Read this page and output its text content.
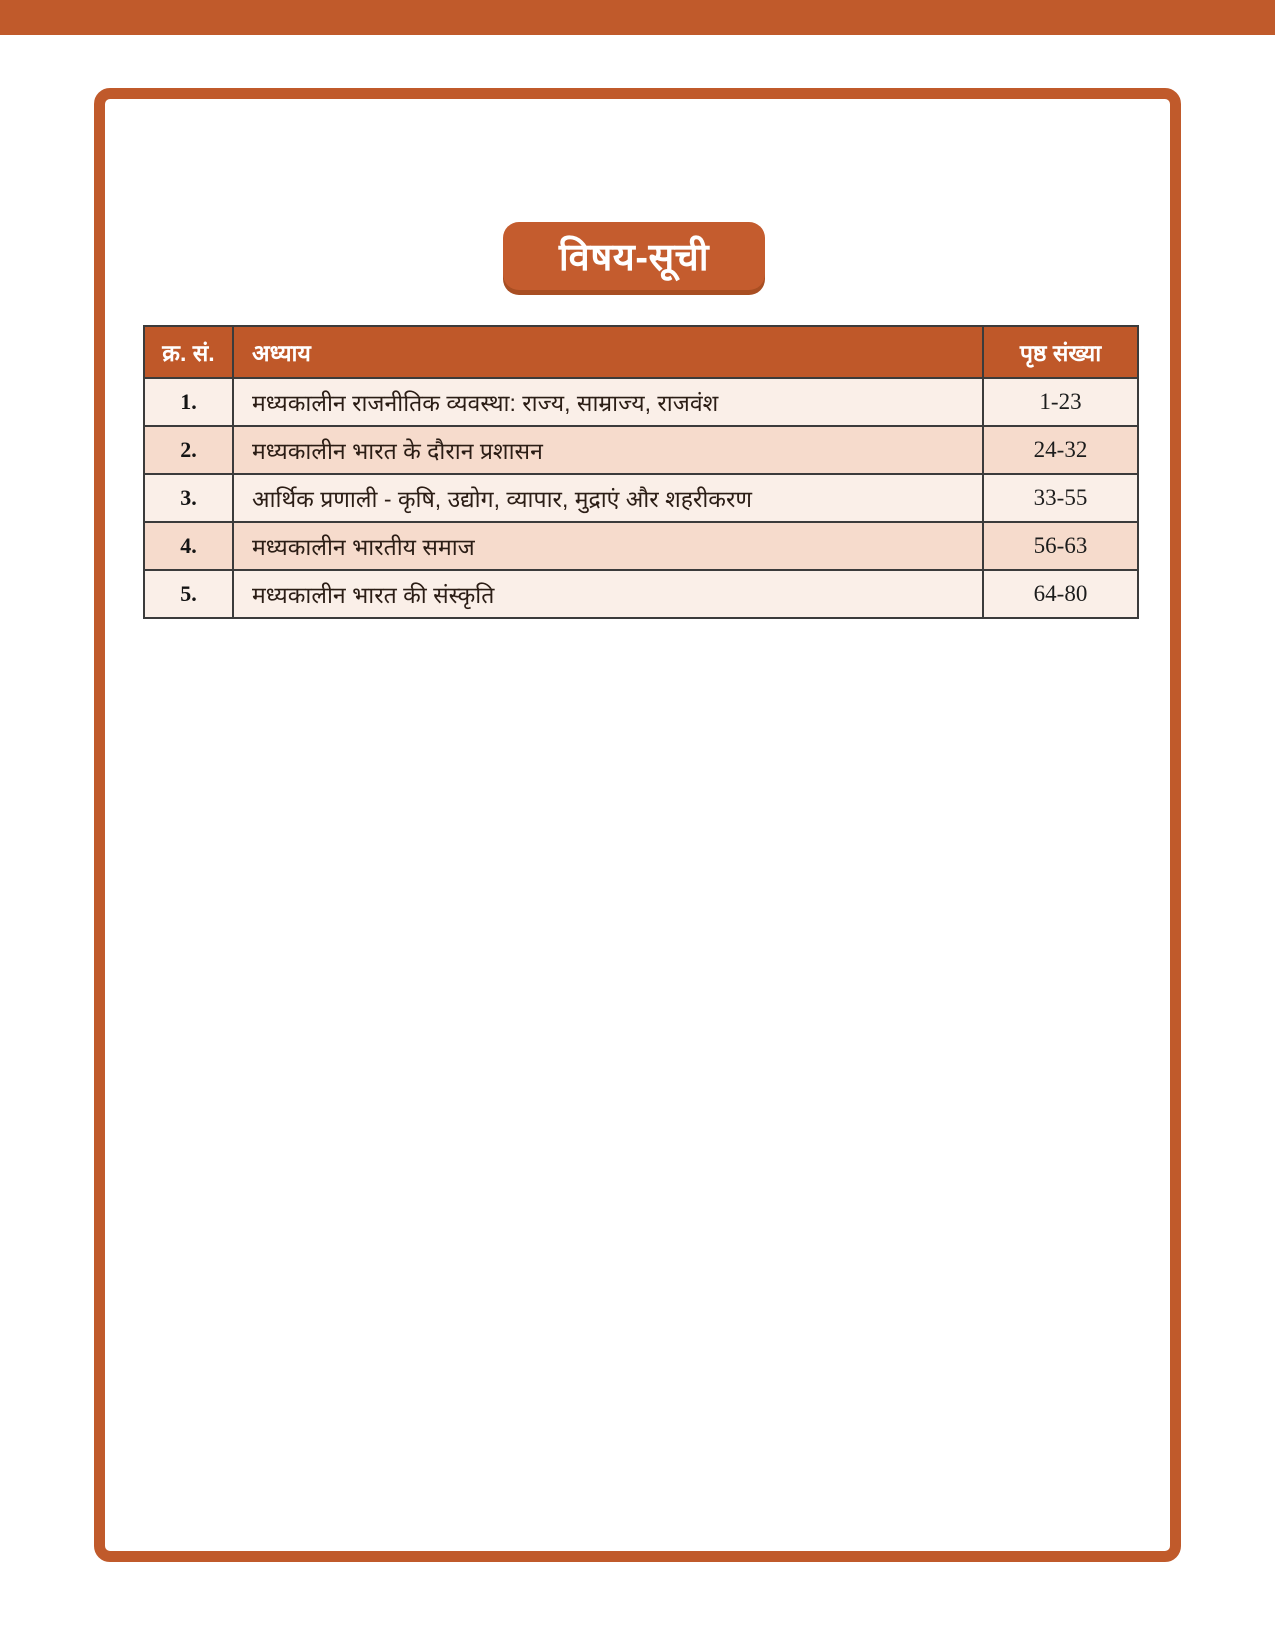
विषय-सूची
क्र. सं.	अध्याय	पृष्ठ संख्या
1.	मध्यकालीन राजनीतिक व्यवस्था: राज्य, साम्राज्य, राजवंश	1-23
2.	मध्यकालीन भारत के दौरान प्रशासन	24-32
3.	आर्थिक प्रणाली - कृषि, उद्योग, व्यापार, मुद्राएं और शहरीकरण	33-55
4.	मध्यकालीन भारतीय समाज	56-63
5.	मध्यकालीन भारत की संस्कृति	64-80
